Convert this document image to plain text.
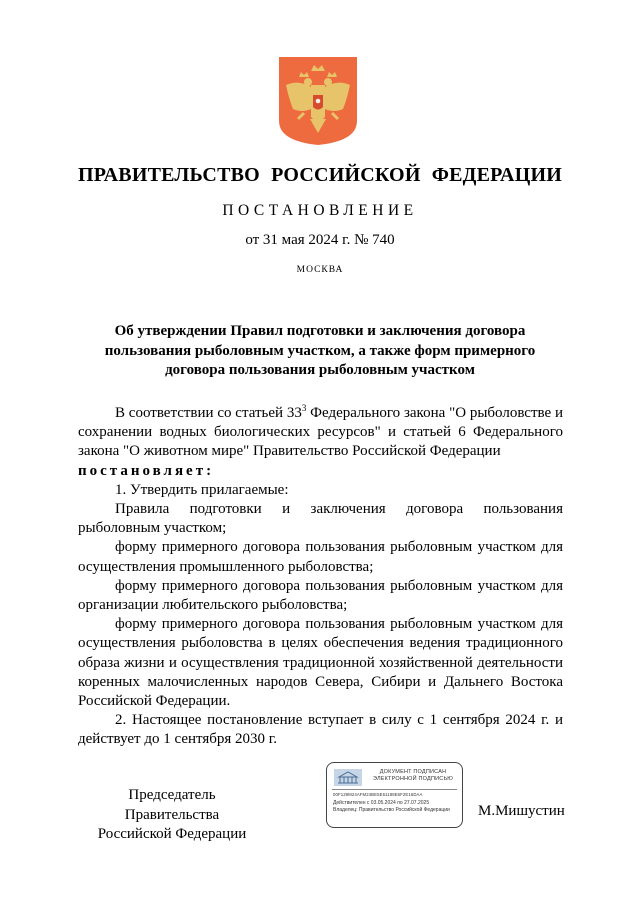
ПРАВИТЕЛЬСТВО РОССИЙСКОЙ ФЕДЕРАЦИИ
ПОСТАНОВЛЕНИЕ
от 31 мая 2024 г. № 740
МОСКВА
Об утверждении Правил подготовки и заключения договора
пользования рыболовным участком, а также форм примерного
договора пользования рыболовным участком

В соответствии со статьей $33^3$ Федерального закона "О рыболовстве и сохранении водных биологических ресурсов" и статьей 6 Федерального закона "О животном мире" Правительство Российской Федерации

постановляет:

1. Утвердить прилагаемые:

Правила подготовки и заключения договора пользования рыболовным участком;

форму примерного договора пользования рыболовным участком для осуществления промышленного рыболовства;

форму примерного договора пользования рыболовным участком для организации любительского рыболовства;

форму примерного договора пользования рыболовным участком для осуществления рыболовства в целях обеспечения ведения традиционного образа жизни и осуществления традиционной хозяйственной деятельности коренных малочисленных народов Севера, Сибири и Дальнего Востока Российской Федерации.

2. Настоящее постановление вступает в силу с 1 сентября 2024 г. и действует до 1 сентября 2030 г.

Председатель Правительства
Российской Федерации
ДОКУМЕНТ ПОДПИСАН
ЭЛЕКТРОННОЙ ПОДПИСЬЮ
00F129M24AFM24BE5E61188E6F2E16DAA
Действителен с 03.05.2024 по 27.07.2025
Владелец: Правительство Российской Федерации	М.Мишустин
